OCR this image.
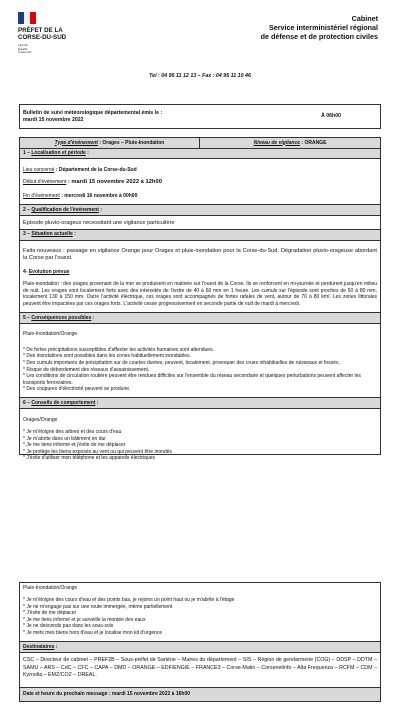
PRÉFET DE LA CORSE-DU-SUD
Liberté
Égalité
Fraternité
Cabinet
Service interministériel régional
de défense et de protection civiles
Tel : 04 95 11 12 13 – Fax : 04 95 11 10 46
Bulletin de suivi météorologique départemental émis le :
mardi 15 novembre 2022
À 06h00
Type d'événement : Orages – Pluie-Inondation	Niveau de vigilance : ORANGE
1 – Localisation et période :

Lieu concerné : Département de la Corse-du-Sud

Début d'événement : mardi 15 novembre 2022 à 12h00

Fin d'événement : mercredi 16 novembre à 00h00

2 – Qualification de l'événement :

Episode pluvio-orageux nécessitant une vigilance particulière

3 – Situation actuelle :

Faits nouveaux : passage en vigilance Orange pour Orages et pluie-inondation pour la Corse-du-Sud. Dégradation pluvio-orageuse abordant la Corse par l'ouest.

4- Evolution prévue

Pluie-inondation : des orages provenant de la mer se produisent en matinée sur l'ouest de la Corse. Ils se renforcent en mi-journée et perdurent jusqu'en milieu de nuit. Les orages sont localement forts avec des intensités de l'ordre de 40 à 60 mm en 1 heure. Les cumuls sur l'épisode sont proches de 50 à 80 mm, localement 130 à 150 mm. Outre l'activité électrique, ces orages sont accompagnés de fortes rafales de vent, autour de 70 à 80 km/. Les zones littorales peuvent être impactées par ces orages forts. L'activité cesse progressivement en seconde partie de nuit de mardi à mercredi.

5 – Conséquences possibles :

Pluie-Inondation/Orange

* De fortes précipitations susceptibles d'affecter les activités humaines sont attendues.
* Des inondations sont possibles dans les zones habituellement inondables.
* Des cumuls importants de précipitation sur de courtes durées, peuvent, localement, provoquer des crues inhabituelles de ruisseaux et fossés.
* Risque de débordement des réseaux d'assainissement.
* Les conditions de circulation routière peuvent être rendues difficiles sur l'ensemble du réseau secondaire et quelques perturbations peuvent affecter les transports ferroviaires.
* Des coupures d'électricité peuvent se produire.
6 – Conseils de comportement :

Orages/Orange

* Je m'éloigne des arbres et des cours d'eau
* Je m'abrite dans un bâtiment en dur
* Je me tiens informé et j'évite de me déplacer
* Je protège les biens exposés au vent ou qui peuvent être inondés
* J'évite d'utiliser mon téléphone et les appareils électriques

Pluie-Inondation/Orange

* Je m'éloigne des cours d'eau et des points bas, je rejoins un point haut ou je m'abrite à l'étage
* Je ne m'engage pas sur une route immergée, même partiellement
* J'évite de me déplacer
* Je me tiens informé et je surveille la montée des eaux
* Je ne descends pas dans les sous-sols
* Je mets mes biens hors d'eau et je localise mon kit d'urgence
Destinataires :

CSC – Directeur de cabinet – PREF2B – Sous-préfet de Sartène – Maires du département – SIS – Région de gendarmerie (COG) – DDSP – DDTM – SAMU – ARS – CdC – CFC – CAPA – DMD – ORANGE – EDF/ENGIE – FRANCE3 – Corse-Matin – Corsenetinfo – Alta Frequenza – RCFM – CDM – Kyrnolia – EMZ/COZ – DREAL.

Date et heure du prochain message : mardi 15 novembre 2022 à 16h00
